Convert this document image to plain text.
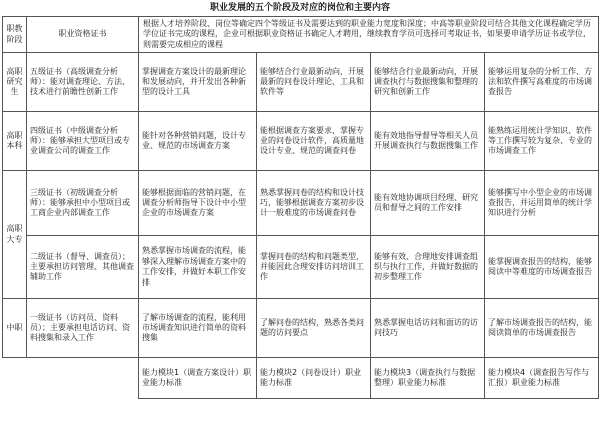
职业发展的五个阶段及对应的岗位和主要内容
职教阶段	职业资格证书	根据人才培养阶段、岗位等确定四个等级证书及需要达到的职业能力宽度和深度；中高等职业阶段可结合其他文化课程确定学历学位证书完成的课程，企业可根据职业资格证书确定人才聘用，继续教育学员可选择可考取证书，如果要申请学历证书或学位，则需要完成相应的课程			
高职研究生	五级证书（高级调查分析师）：能对调查理论、方法、技术进行前瞻性创新工作	掌握调查方案设计的最新理论和发展动向，并开发出各种新型的设计工具	能够结合行业最新动向，开展最新的问卷设计理论、工具和软件等	能够结合行业最新动向，开展调查执行与数据搜集和整理的研究和创新工作	能够运用复杂的分析工作、方法和软件撰写高难度的市场调查报告
高职本科	四级证书（中级调查分析师）：能够承担大型项目或专业调查公司的调查工作	能针对各种营销问题，设计专业、规范的市场调查方案	能根据调查方案要求，掌握专业的问卷设计软件，高质量地设计专业、规范的调查问卷	能有效地指导督导等相关人员开展调查执行与数据搜集工作	能熟练运用统计学知识、软件等工作撰写较为复杂、专业的市场调查工作
高职大专	三级证书（初级调查分析师）：能够承担中小型项目或工商企业内部调查工作	能够根据面临的营销问题，在调查分析师指导下设计中小型企业的市场调查方案	熟悉掌握问卷的结构和设计技巧，能够根据调查方案初步设计一般难度的市场调查问卷	能有效地协调项目经理、研究员和督导之间的工作安排	能够撰写中小型企业的市场调查报告，并运用简单的统计学知识进行分析
	二级证书（督导、调查员）；主要承担访问管理、其他调查辅助工作	熟悉掌握市场调查的流程，能够深入理解市场调查方案中的工作安排，并做好本职工作安排	掌握问卷的结构和问题类型，并能因此合理安排访问培训工作	能够有效、合理地安排调查组织与执行工作，并做好数据的初步整理工作	能掌握调查报告的结构，能够阅读中等难度的市场调查报告
中职	一级证书（访问员、资料员）；主要承担电话访问、资料搜集和录入工作	了解市场调查的流程，能利用市场调查知识进行简单的资料搜集	了解问卷的结构，熟悉各类问题的访问要点	熟悉掌握电话访问和面访的访问技巧	了解市场调查报告的结构，能阅读简单的市场调查报告
		能力模块1（调查方案设计）职业能力标准	能力模块2（问卷设计）职业能力标准	能力模块3（调查执行与数据整理）职业能力标准	能力模块4（调查报告写作与汇报）职业能力标准
